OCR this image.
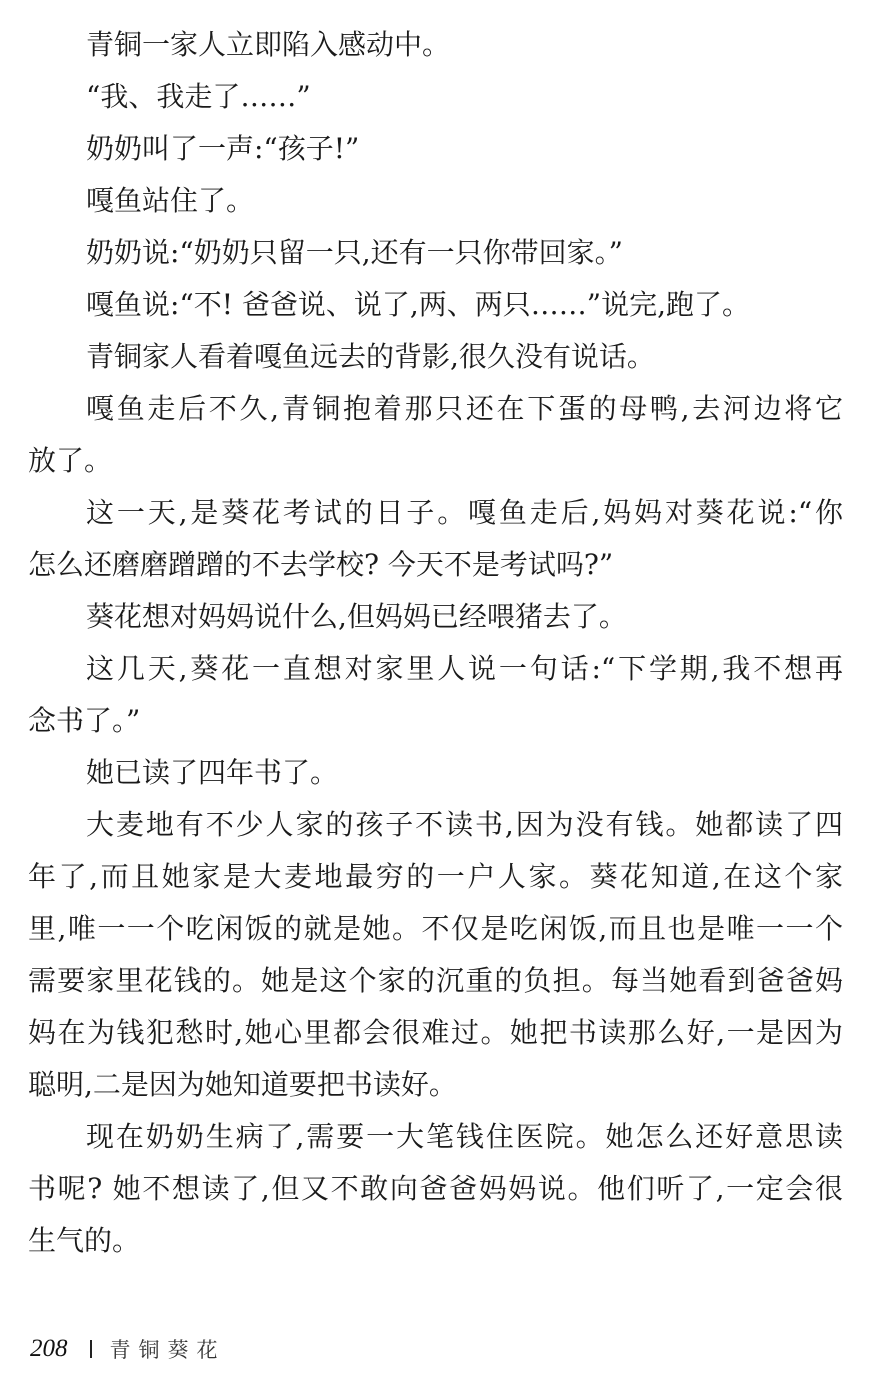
青铜一家人立即陷入感动中。
“我、我走了……”
奶奶叫了一声:“孩子!”
嘎鱼站住了。
奶奶说:“奶奶只留一只,还有一只你带回家。”
嘎鱼说:“不! 爸爸说、说了,两、两只……”说完,跑了。
青铜家人看着嘎鱼远去的背影,很久没有说话。
嘎鱼走后不久,青铜抱着那只还在下蛋的母鸭,去河边将它
放了。
这一天,是葵花考试的日子。嘎鱼走后,妈妈对葵花说:“你
怎么还磨磨蹭蹭的不去学校? 今天不是考试吗?”
葵花想对妈妈说什么,但妈妈已经喂猪去了。
这几天,葵花一直想对家里人说一句话:“下学期,我不想再
念书了。”
她已读了四年书了。
大麦地有不少人家的孩子不读书,因为没有钱。她都读了四
年了,而且她家是大麦地最穷的一户人家。葵花知道,在这个家
里,唯一一个吃闲饭的就是她。不仅是吃闲饭,而且也是唯一一个
需要家里花钱的。她是这个家的沉重的负担。每当她看到爸爸妈
妈在为钱犯愁时,她心里都会很难过。她把书读那么好,一是因为
聪明,二是因为她知道要把书读好。
现在奶奶生病了,需要一大笔钱住医院。她怎么还好意思读
书呢? 她不想读了,但又不敢向爸爸妈妈说。他们听了,一定会很
生气的。
208 青铜葵花
